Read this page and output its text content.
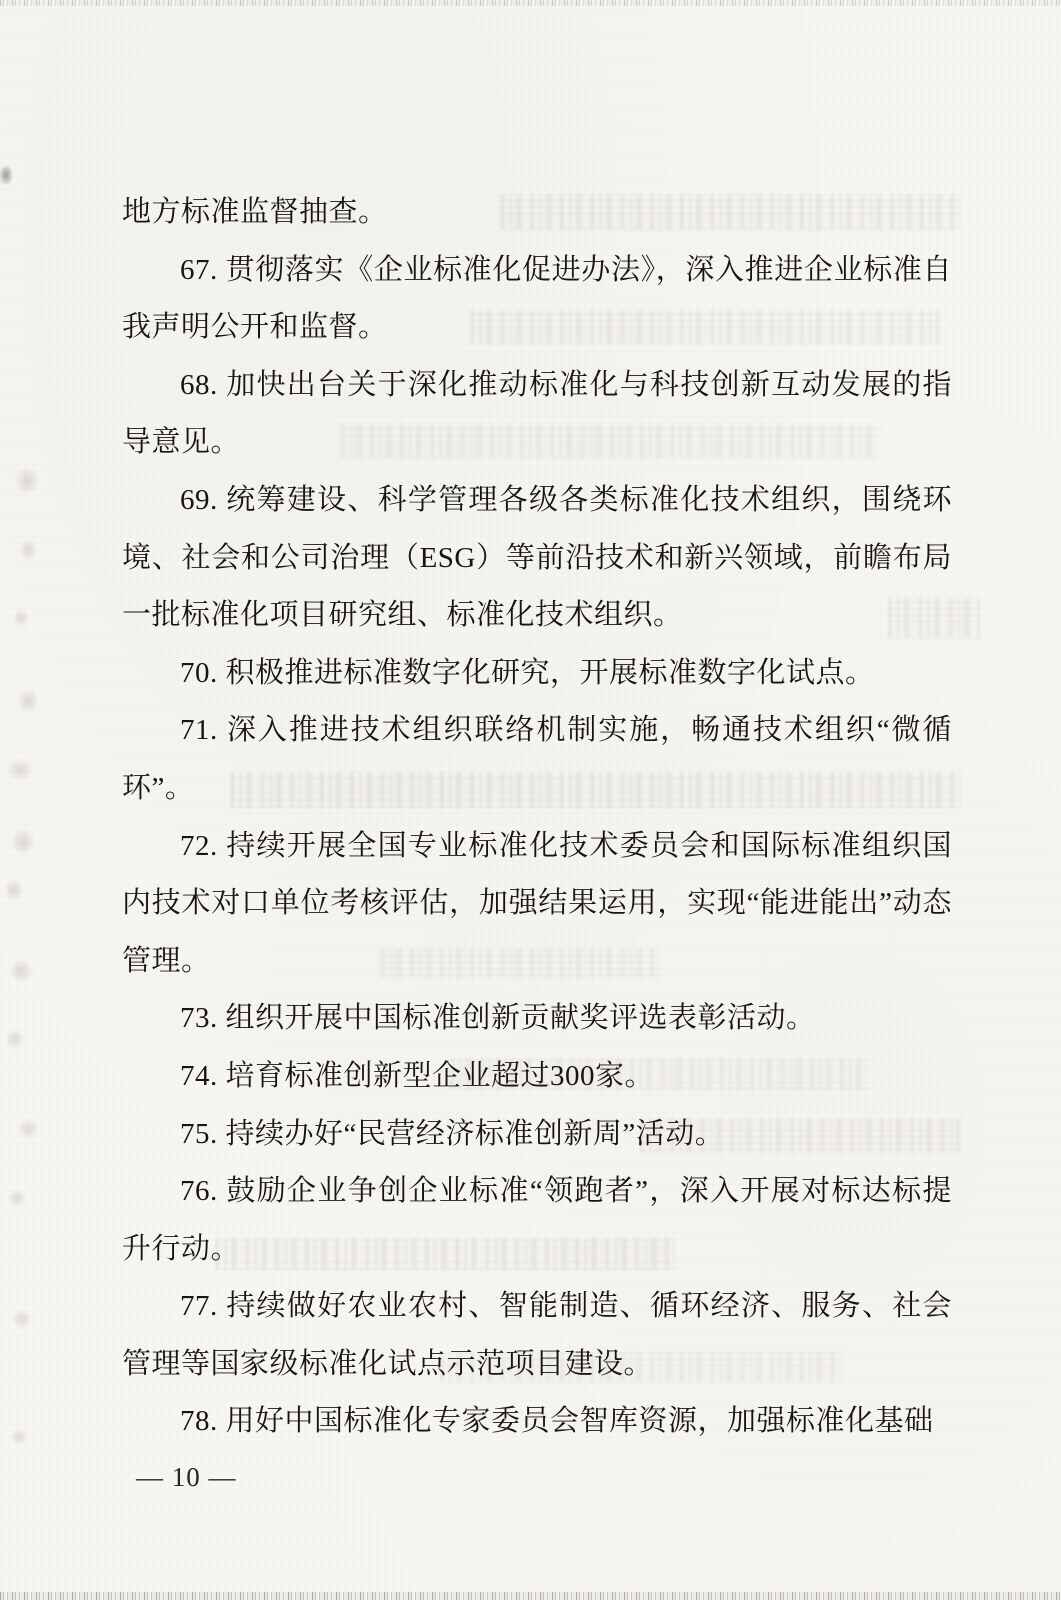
地方标准监督抽查。

67. 贯彻落实《企业标准化促进办法》，深入推进企业标准自我声明公开和监督。

68. 加快出台关于深化推动标准化与科技创新互动发展的指导意见。

69. 统筹建设、科学管理各级各类标准化技术组织，围绕环境、社会和公司治理（ESG）等前沿技术和新兴领域，前瞻布局一批标准化项目研究组、标准化技术组织。

70. 积极推进标准数字化研究，开展标准数字化试点。

71. 深入推进技术组织联络机制实施，畅通技术组织“微循环”。

72. 持续开展全国专业标准化技术委员会和国际标准组织国内技术对口单位考核评估，加强结果运用，实现“能进能出”动态管理。

73. 组织开展中国标准创新贡献奖评选表彰活动。

74. 培育标准创新型企业超过300家。

75. 持续办好“民营经济标准创新周”活动。

76. 鼓励企业争创企业标准“领跑者”，深入开展对标达标提升行动。

77. 持续做好农业农村、智能制造、循环经济、服务、社会管理等国家级标准化试点示范项目建设。

78. 用好中国标准化专家委员会智库资源，加强标准化基础

— 10 —
